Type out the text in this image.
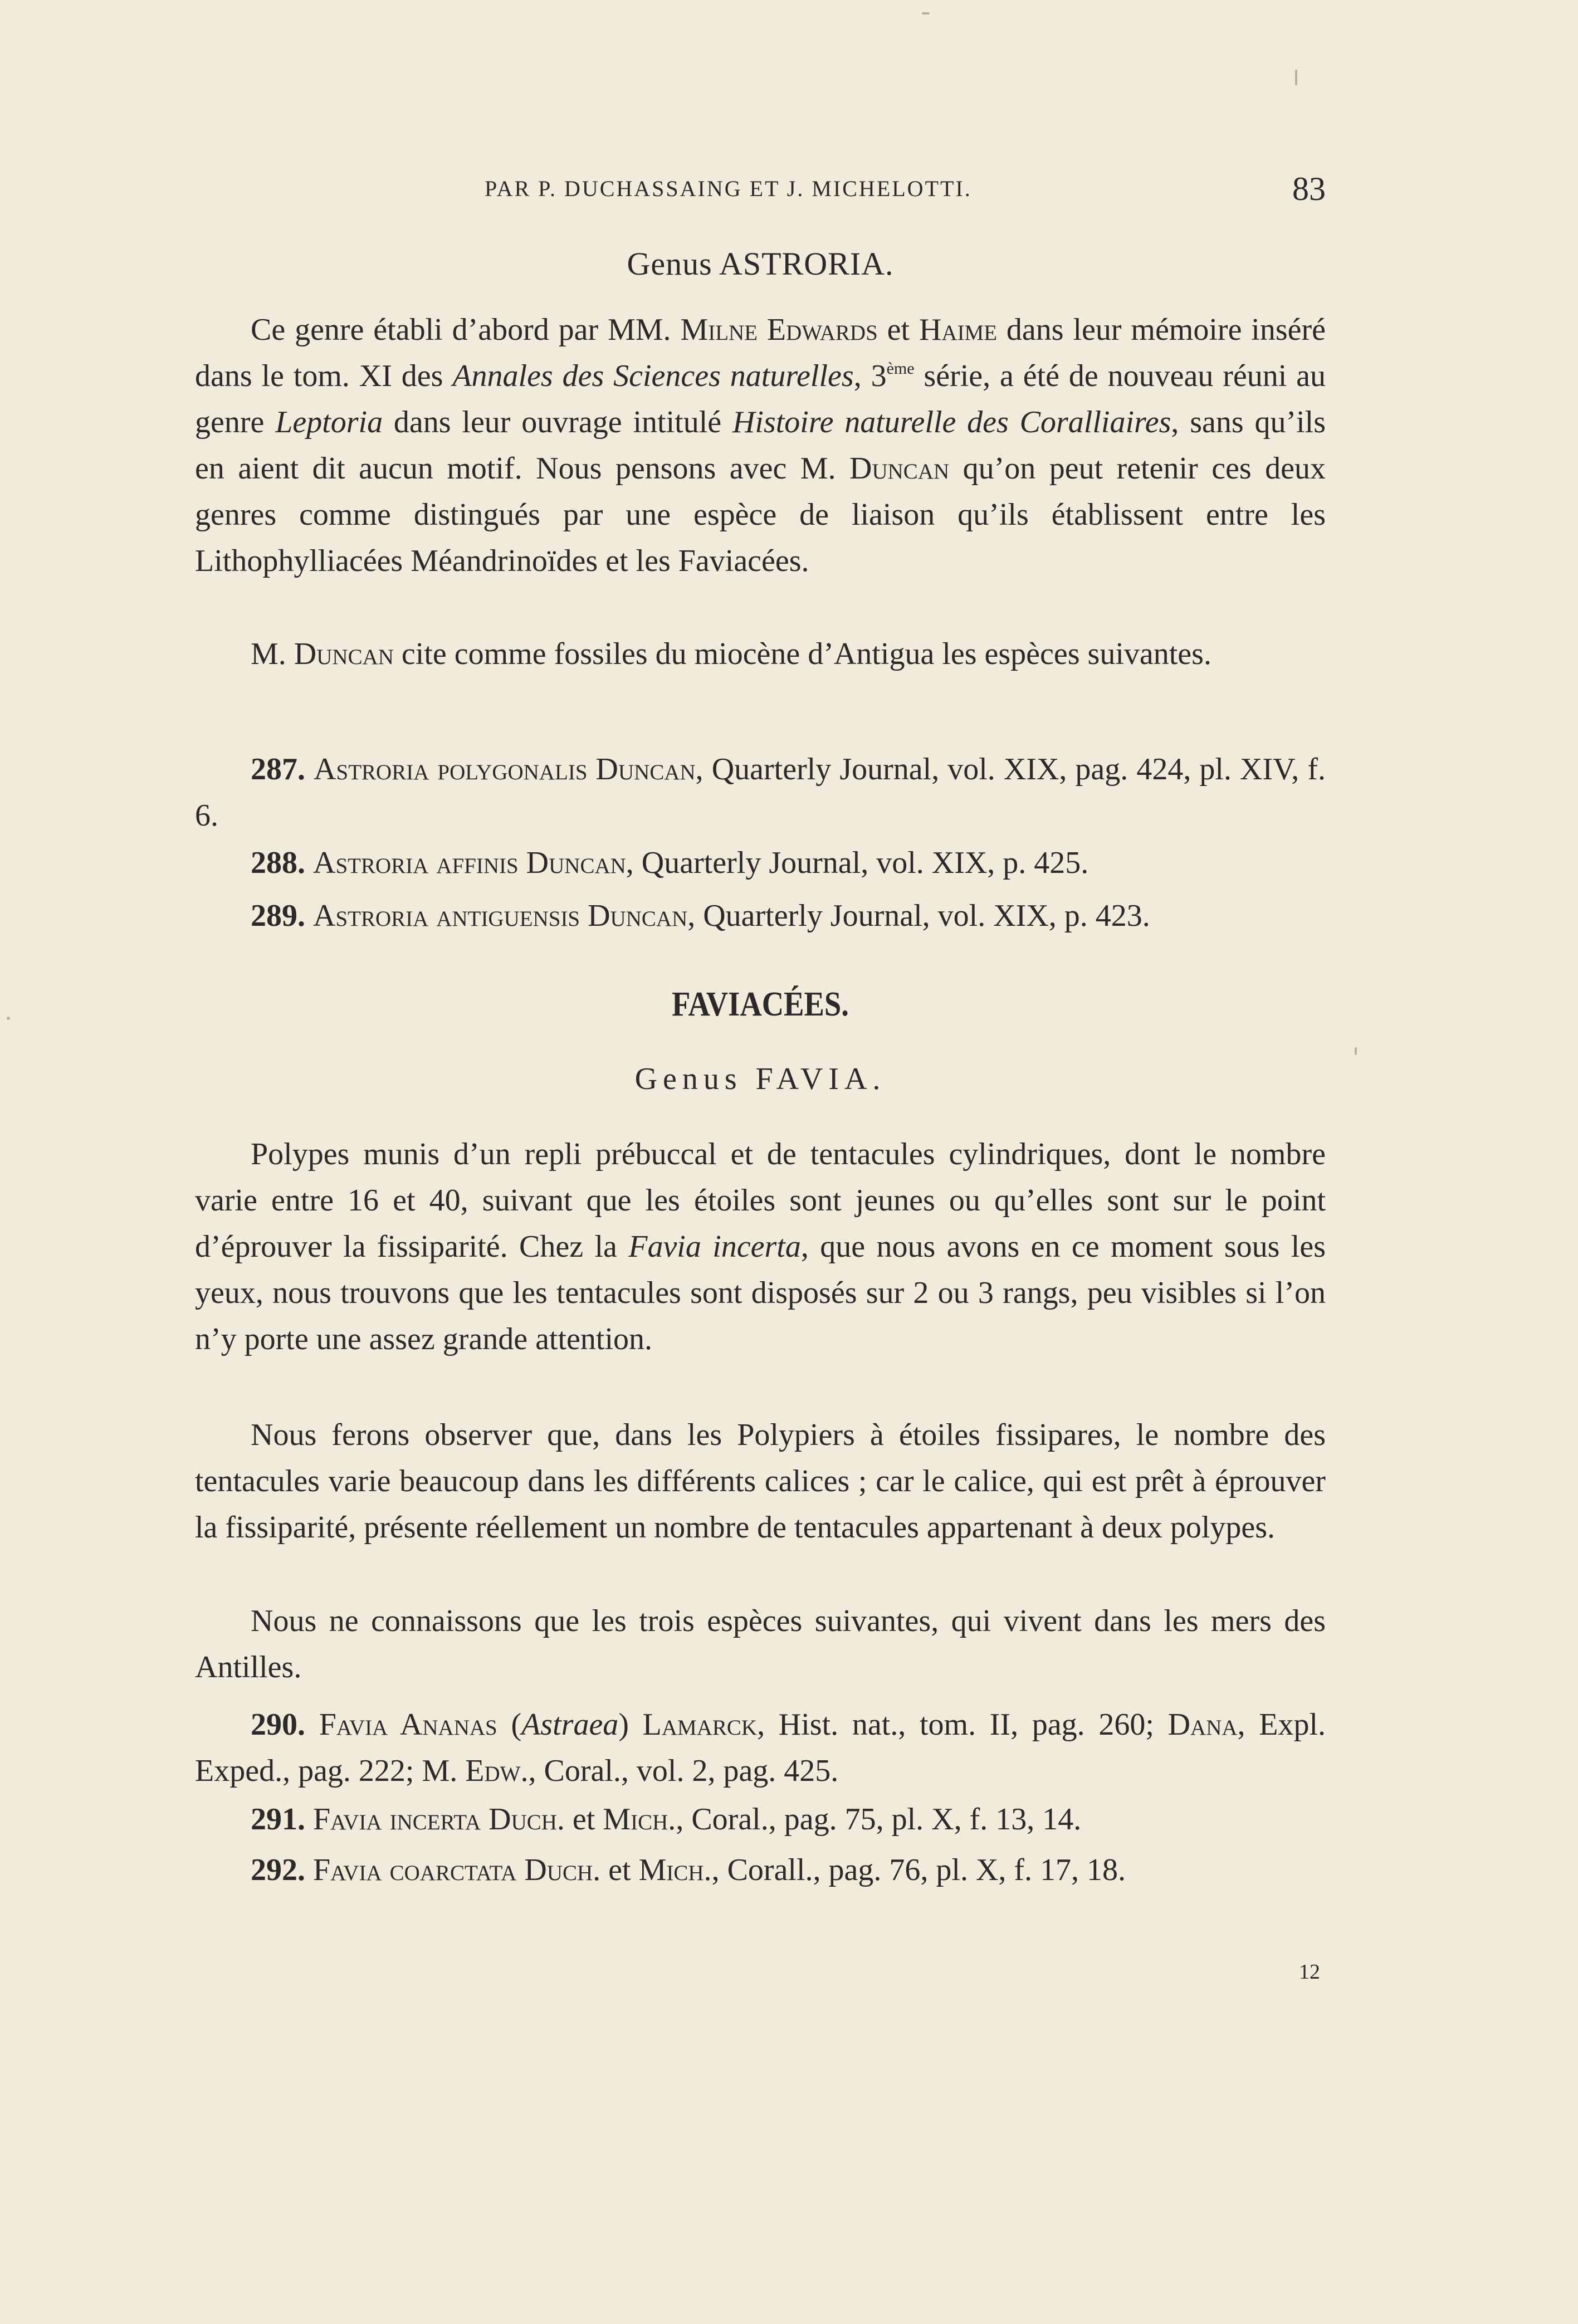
PAR P. DUCHASSAING ET J. MICHELOTTI.	83
Genus ASTRORIA.

Ce genre établi d’abord par MM. Milne Edwards et Haime dans leur mémoire inséré dans le tom. XI des Annales des Sciences naturelles, 3ème série, a été de nouveau réuni au genre Leptoria dans leur ouvrage intitulé Histoire naturelle des Coralliaires, sans qu’ils en aient dit aucun motif. Nous pensons avec M. Duncan qu’on peut retenir ces deux genres comme distingués par une espèce de liaison qu’ils établissent entre les Lithophylliacées Méandrinoïdes et les Faviacées.

M. Duncan cite comme fossiles du miocène d’Antigua les espèces suivantes.

287. Astroria polygonalis Duncan, Quarterly Journal, vol. XIX, pag. 424, pl. XIV, f. 6.

288. Astroria affinis Duncan, Quarterly Journal, vol. XIX, p. 425.

289. Astroria antiguensis Duncan, Quarterly Journal, vol. XIX, p. 423.

FAVIACÉES.
Genus FAVIA.

Polypes munis d’un repli prébuccal et de tentacules cylindriques, dont le nombre varie entre 16 et 40, suivant que les étoiles sont jeunes ou qu’elles sont sur le point d’éprouver la fissiparité. Chez la Favia incerta, que nous avons en ce moment sous les yeux, nous trouvons que les tentacules sont disposés sur 2 ou 3 rangs, peu visibles si l’on n’y porte une assez grande attention.

Nous ferons observer que, dans les Polypiers à étoiles fissipares, le nombre des tentacules varie beaucoup dans les différents calices ; car le calice, qui est prêt à éprouver la fissiparité, présente réellement un nombre de tentacules appartenant à deux polypes.

Nous ne connaissons que les trois espèces suivantes, qui vivent dans les mers des Antilles.

290. Favia Ananas (Astraea) Lamarck, Hist. nat., tom. II, pag. 260; Dana, Expl. Exped., pag. 222; M. Edw., Coral., vol. 2, pag. 425.

291. Favia incerta Duch. et Mich., Coral., pag. 75, pl. X, f. 13, 14.

292. Favia coarctata Duch. et Mich., Corall., pag. 76, pl. X, f. 17, 18.

12
